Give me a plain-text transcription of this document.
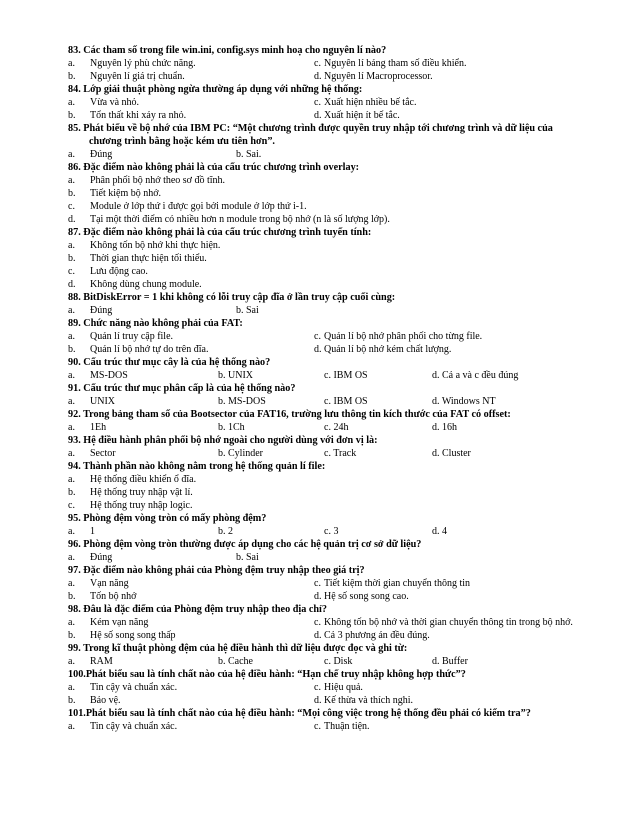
83. Các tham số trong file win.ini, config.sys minh hoạ cho nguyên lí nào?
a. Nguyên lý phù chức năng.	c. Nguyên lí bảng tham số điều khiển.
b. Nguyên lí giá trị chuẩn.	d. Nguyên lí Macroprocessor.
84. Lớp giải thuật phòng ngừa thường áp dụng với những hệ thống:
a. Vừa và nhỏ.	c. Xuất hiện nhiều bế tắc.
b. Tổn thất khi xảy ra nhỏ.	d. Xuất hiện ít bế tắc.
85. Phát biểu về bộ nhớ của IBM PC: “Một chương trình được quyền truy nhập tới chương trình và dữ liệu của
chương trình bằng hoặc kém ưu tiên hơn”.
a. Đúng	b. Sai.
86. Đặc điểm nào không phải là của cấu trúc chương trình overlay:
a. Phân phối bộ nhớ theo sơ đồ tĩnh.
b. Tiết kiệm bộ nhớ.
c. Module ở lớp thứ i được gọi bởi module ở lớp thứ i-1.
d. Tại một thời điểm có nhiều hơn n module trong bộ nhớ (n là số lượng lớp).
87. Đặc điểm nào không phải là của cấu trúc chương trình tuyến tính:
a. Không tốn bộ nhớ khi thực hiện.
b. Thời gian thực hiện tối thiểu.
c. Lưu động cao.
d. Không dùng chung module.
88. BitDiskError = 1 khi không có lỗi truy cập đĩa ở lần truy cập cuối cùng:
a. Đúng	b. Sai
89. Chức năng nào không phải của FAT:
a. Quản lí truy cập file.	c. Quản lí bộ nhớ phân phối cho từng file.
b. Quản lí bộ nhớ tự do trên đĩa.	d. Quản lí bộ nhớ kém chất lượng.
90. Cấu trúc thư mục cây là của hệ thống nào?
a. MS-DOS	b. UNIX	c. IBM OS	d. Cả a và c đều đúng
91. Cấu trúc thư mục phân cấp là của hệ thống nào?
a. UNIX	b. MS-DOS	c. IBM OS	d. Windows NT
92. Trong bảng tham số của Bootsector của FAT16, trường lưu thông tin kích thước của FAT có offset:
a. 1Eh	b. 1Ch	c. 24h	d. 16h
93. Hệ điều hành phân phối bộ nhớ ngoài cho người dùng với đơn vị là:
a. Sector	b. Cylinder	c. Track	d. Cluster
94. Thành phần nào không nằm trong hệ thống quản lí file:
a. Hệ thống điều khiển ổ đĩa.
b. Hệ thống truy nhập vật lí.
c. Hệ thống truy nhập logic.
95. Phòng đệm vòng tròn có mấy phòng đệm?
a. 1	b. 2	c. 3	d. 4
96. Phòng đệm vòng tròn thường được áp dụng cho các hệ quản trị cơ sở dữ liệu?
a. Đúng	b. Sai
97. Đặc điểm nào không phải của Phòng đệm truy nhập theo giá trị?
a. Vạn năng	c. Tiết kiệm thời gian chuyển thông tin
b. Tốn bộ nhớ	d. Hệ số song song cao.
98. Đâu là đặc điểm của Phòng đệm truy nhập theo địa chỉ?
a. Kém vạn năng	c. Không tốn bộ nhớ và thời gian chuyển thông tin trong bộ nhớ.
b. Hệ số song song thấp	d. Cả 3 phương án đều đúng.
99. Trong kĩ thuật phòng đệm của hệ điều hành thì dữ liệu được đọc và ghi từ:
a. RAM	b. Cache	c. Disk	d. Buffer
100.Phát biểu sau là tính chất nào của hệ điều hành: “Hạn chế truy nhập không hợp thức”?
a. Tin cậy và chuẩn xác.	c. Hiệu quả.
b. Bảo vệ.	d. Kế thừa và thích nghi.
101.Phát biểu sau là tính chất nào của hệ điều hành: “Mọi công việc trong hệ thống đều phải có kiểm tra”?
a. Tin cậy và chuẩn xác.	c. Thuận tiện.
